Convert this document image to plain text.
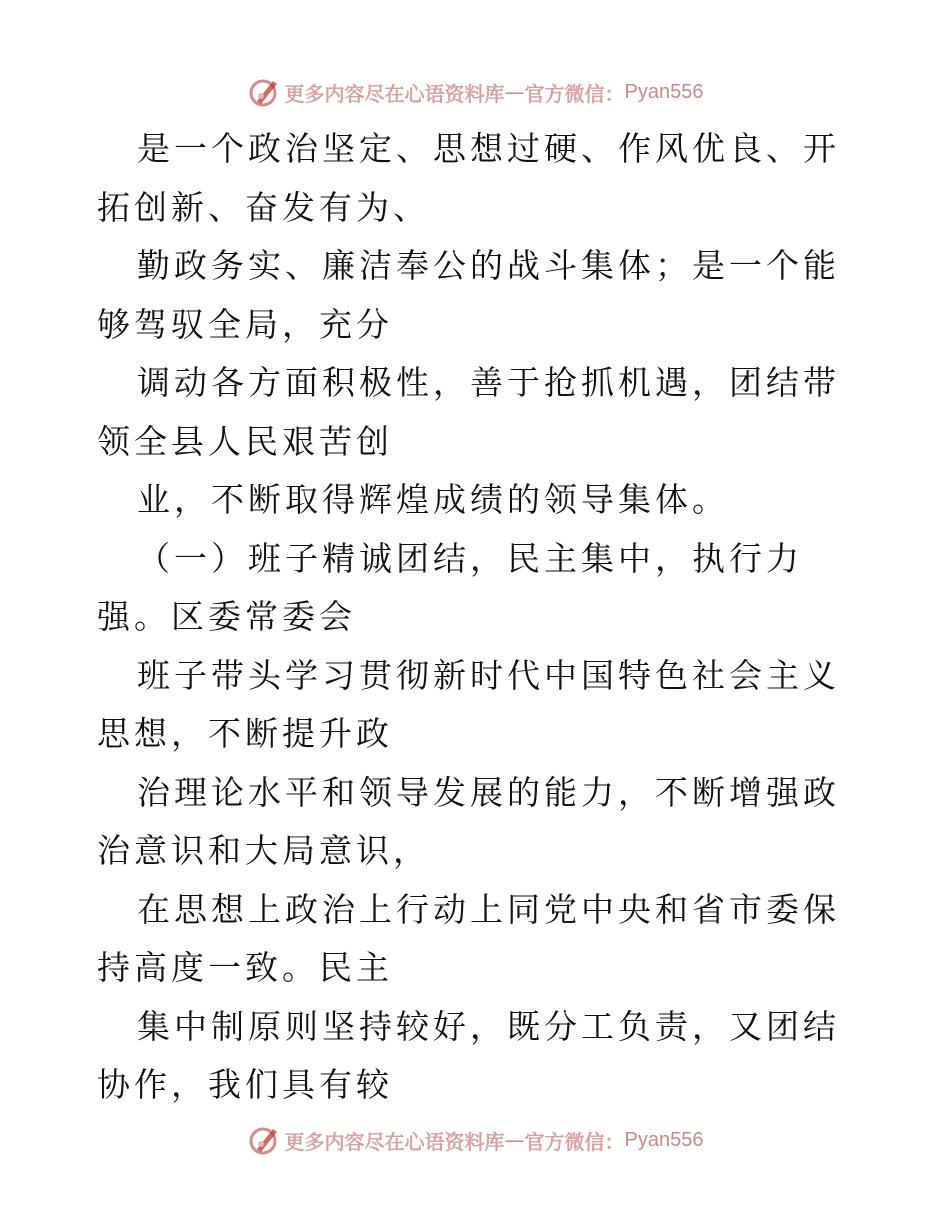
更多内容尽在心语资料库 — 官方微信： Pyan556

是一个政治坚定、思想过硬、作风优良、开拓创新、奋发有为、

勤政务实、廉洁奉公的战斗集体；是一个能够驾驭全局，充分

调动各方面积极性，善于抢抓机遇，团结带领全县人民艰苦创

业，不断取得辉煌成绩的领导集体。

（一）班子精诚团结，民主集中，执行力强。区委常委会

班子带头学习贯彻新时代中国特色社会主义思想，不断提升政

治理论水平和领导发展的能力，不断增强政治意识和大局意识，

在思想上政治上行动上同党中央和省市委保持高度一致。民主

集中制原则坚持较好，既分工负责，又团结协作，我们具有较

更多内容尽在心语资料库 — 官方微信： Pyan556
